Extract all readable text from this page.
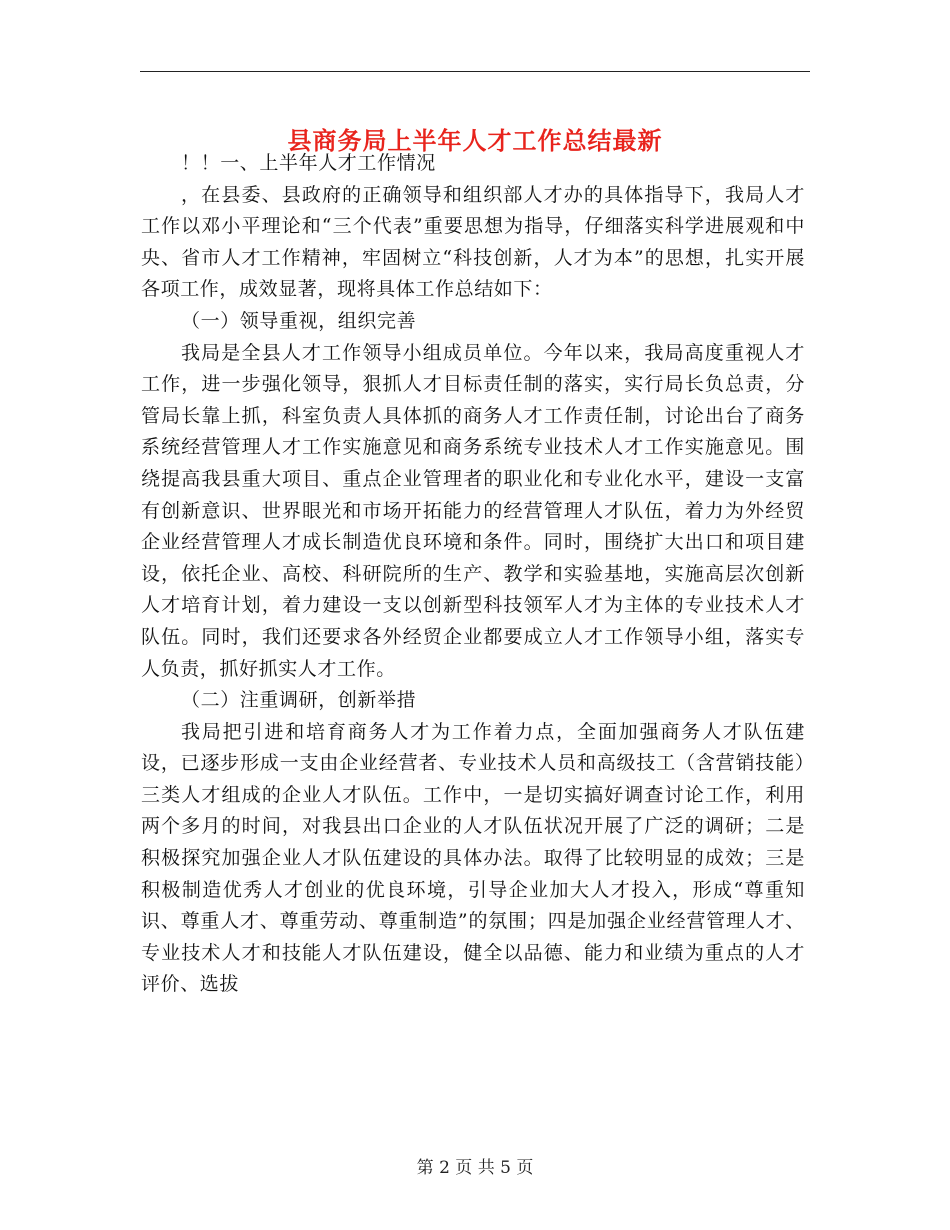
县商务局上半年人才工作总结最新

！！一、上半年人才工作情况

，在县委、县政府的正确领导和组织部人才办的具体指导下，我局人才工作以邓小平理论和“三个代表”重要思想为指导，仔细落实科学进展观和中央、省市人才工作精神，牢固树立“科技创新，人才为本”的思想，扎实开展各项工作，成效显著，现将具体工作总结如下：

（一）领导重视，组织完善

我局是全县人才工作领导小组成员单位。今年以来，我局高度重视人才工作，进一步强化领导，狠抓人才目标责任制的落实，实行局长负总责，分管局长靠上抓，科室负责人具体抓的商务人才工作责任制，讨论出台了商务系统经营管理人才工作实施意见和商务系统专业技术人才工作实施意见。围绕提高我县重大项目、重点企业管理者的职业化和专业化水平，建设一支富有创新意识、世界眼光和市场开拓能力的经营管理人才队伍，着力为外经贸企业经营管理人才成长制造优良环境和条件。同时，围绕扩大出口和项目建设，依托企业、高校、科研院所的生产、教学和实验基地，实施高层次创新人才培育计划，着力建设一支以创新型科技领军人才为主体的专业技术人才队伍。同时，我们还要求各外经贸企业都要成立人才工作领导小组，落实专人负责，抓好抓实人才工作。

（二）注重调研，创新举措

我局把引进和培育商务人才为工作着力点，全面加强商务人才队伍建设，已逐步形成一支由企业经营者、专业技术人员和高级技工（含营销技能）三类人才组成的企业人才队伍。工作中，一是切实搞好调查讨论工作，利用两个多月的时间，对我县出口企业的人才队伍状况开展了广泛的调研；二是积极探究加强企业人才队伍建设的具体办法。取得了比较明显的成效；三是积极制造优秀人才创业的优良环境，引导企业加大人才投入，形成“尊重知识、尊重人才、尊重劳动、尊重制造”的氛围；四是加强企业经营管理人才、专业技术人才和技能人才队伍建设，健全以品德、能力和业绩为重点的人才评价、选拔

第 2 页 共 5 页
